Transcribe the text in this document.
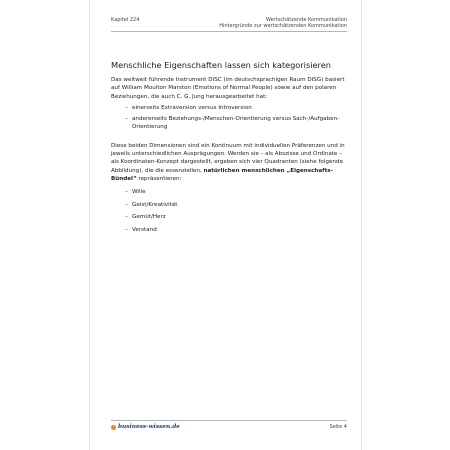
Kapitel 224	Wertschätzende Kommunikation
Hintergründe zur wertschätzenden Kommunikation
Menschliche Eigenschaften lassen sich kategorisieren

Das weltweit führende Instrument DISC (im deutschsprachigen Raum DISG) basiert auf William Moulton Marston (Emotions of Normal People) sowie auf den polaren Beziehungen, die auch C. G. Jung herausgearbeitet hat:

– einerseits Extraversion versus Introversion
– andererseits Beziehungs-/Menschen-Orientierung versus Sach-/Aufgaben-Orientierung

Diese beiden Dimensionen sind ein Kontinuum mit individuellen Präferenzen und in jeweils unterschiedlichen Ausprägungen. Werden sie – als Abszisse und Ordinate – als Koordinaten-Konzept dargestellt, ergeben sich vier Quadranten (siehe folgende Abbildung), die die essenziellen, natürlichen menschlichen „Eigenschafts-Bündel“ repräsentieren:

– Wille
– Geist/Kreativität
– Gemüt/Herz
– Verstand
business-wissen.de	Seite 4
